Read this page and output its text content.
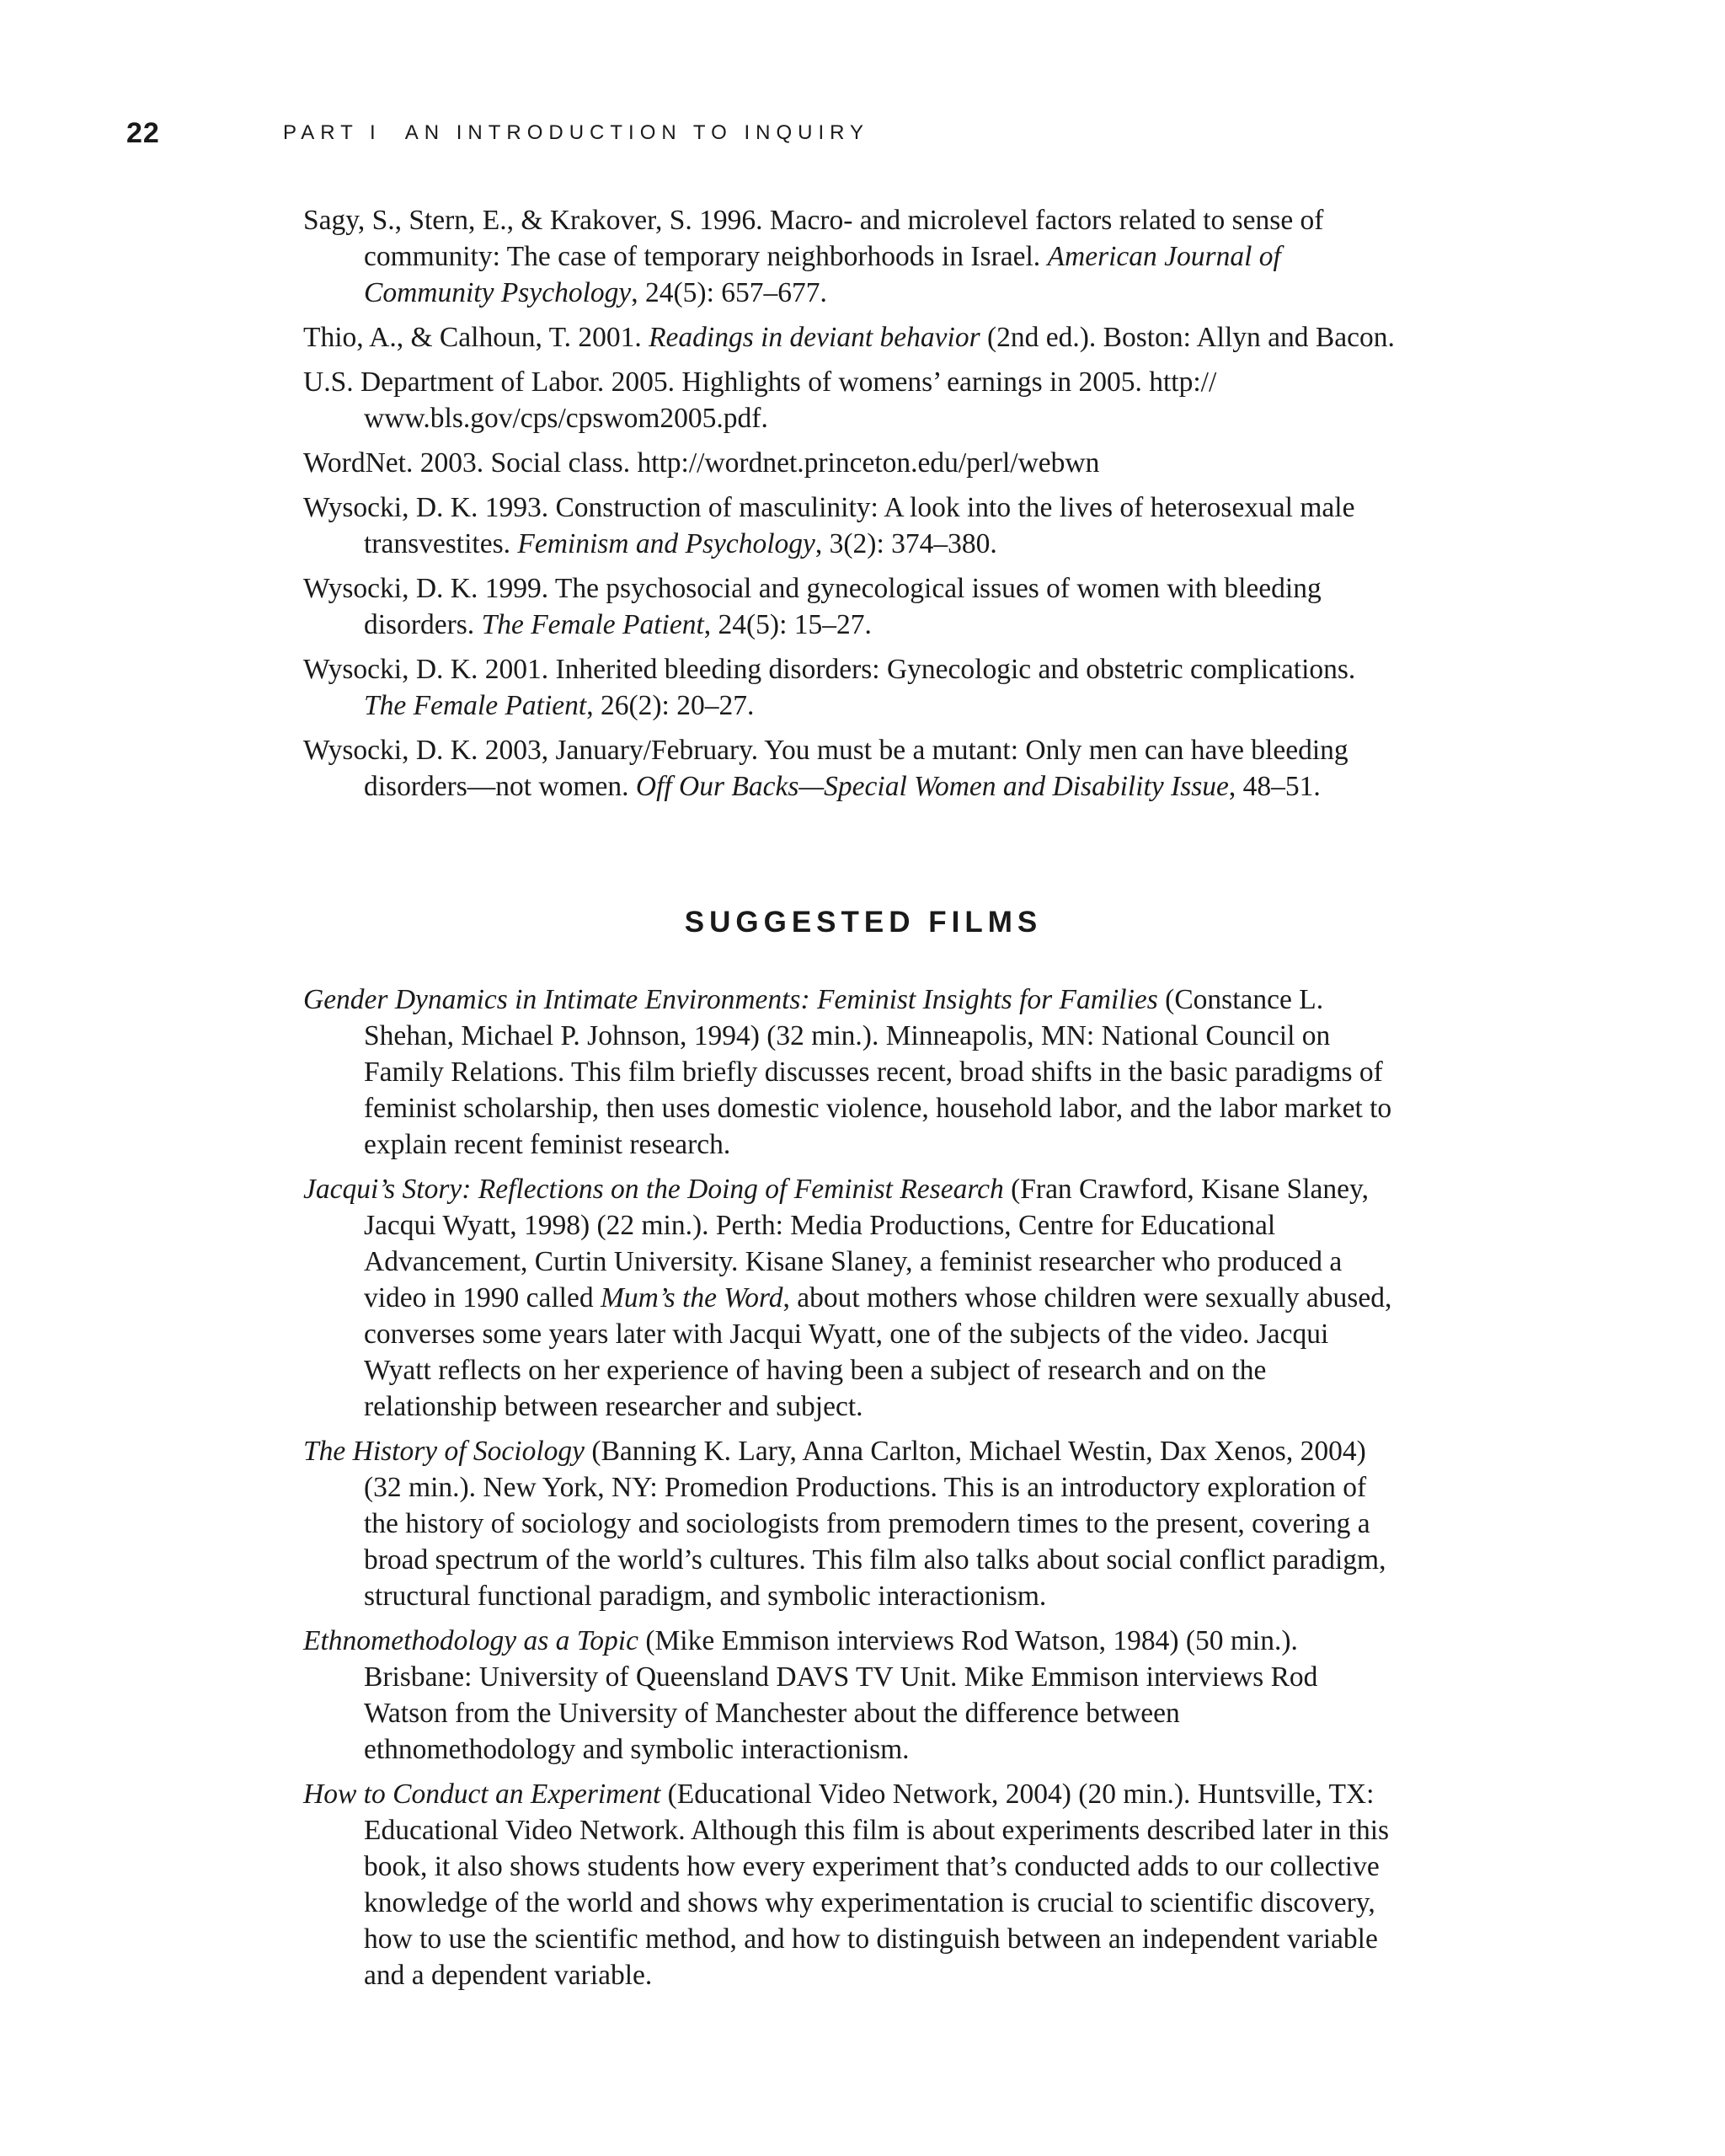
22	PART I AN INTRODUCTION TO INQUIRY

Sagy, S., Stern, E., & Krakover, S. 1996. Macro- and microlevel factors related to sense of community: The case of temporary neighborhoods in Israel. American Journal of Community Psychology, 24(5): 657–677.

Thio, A., & Calhoun, T. 2001. Readings in deviant behavior (2nd ed.). Boston: Allyn and Bacon.

U.S. Department of Labor. 2005. Highlights of womens’ earnings in 2005. http:// www.bls.gov/cps/cpswom2005.pdf.

WordNet. 2003. Social class. http://wordnet.princeton.edu/perl/webwn

Wysocki, D. K. 1993. Construction of masculinity: A look into the lives of heterosexual male transvestites. Feminism and Psychology, 3(2): 374–380.

Wysocki, D. K. 1999. The psychosocial and gynecological issues of women with bleeding disorders. The Female Patient, 24(5): 15–27.

Wysocki, D. K. 2001. Inherited bleeding disorders: Gynecologic and obstetric complications. The Female Patient, 26(2): 20–27.

Wysocki, D. K. 2003, January/February. You must be a mutant: Only men can have bleeding disorders—not women. Off Our Backs—Special Women and Disability Issue, 48–51.

SUGGESTED FILMS

Gender Dynamics in Intimate Environments: Feminist Insights for Families (Constance L. Shehan, Michael P. Johnson, 1994) (32 min.). Minneapolis, MN: National Council on Family Relations. This film briefly discusses recent, broad shifts in the basic paradigms of feminist scholarship, then uses domestic violence, household labor, and the labor market to explain recent feminist research.

Jacqui’s Story: Reflections on the Doing of Feminist Research (Fran Crawford, Kisane Slaney, Jacqui Wyatt, 1998) (22 min.). Perth: Media Productions, Centre for Educational Advancement, Curtin University. Kisane Slaney, a feminist researcher who produced a video in 1990 called Mum’s the Word, about mothers whose children were sexually abused, converses some years later with Jacqui Wyatt, one of the subjects of the video. Jacqui Wyatt reflects on her experience of having been a subject of research and on the relationship between researcher and subject.

The History of Sociology (Banning K. Lary, Anna Carlton, Michael Westin, Dax Xenos, 2004) (32 min.). New York, NY: Promedion Productions. This is an introductory exploration of the history of sociology and sociologists from premodern times to the present, covering a broad spectrum of the world’s cultures. This film also talks about social conflict paradigm, structural functional paradigm, and symbolic interactionism.

Ethnomethodology as a Topic (Mike Emmison interviews Rod Watson, 1984) (50 min.). Brisbane: University of Queensland DAVS TV Unit. Mike Emmison interviews Rod Watson from the University of Manchester about the difference between ethnomethodology and symbolic interactionism.

How to Conduct an Experiment (Educational Video Network, 2004) (20 min.). Huntsville, TX: Educational Video Network. Although this film is about experiments described later in this book, it also shows students how every experiment that’s conducted adds to our collective knowledge of the world and shows why experimentation is crucial to scientific discovery, how to use the scientific method, and how to distinguish between an independent variable and a dependent variable.
